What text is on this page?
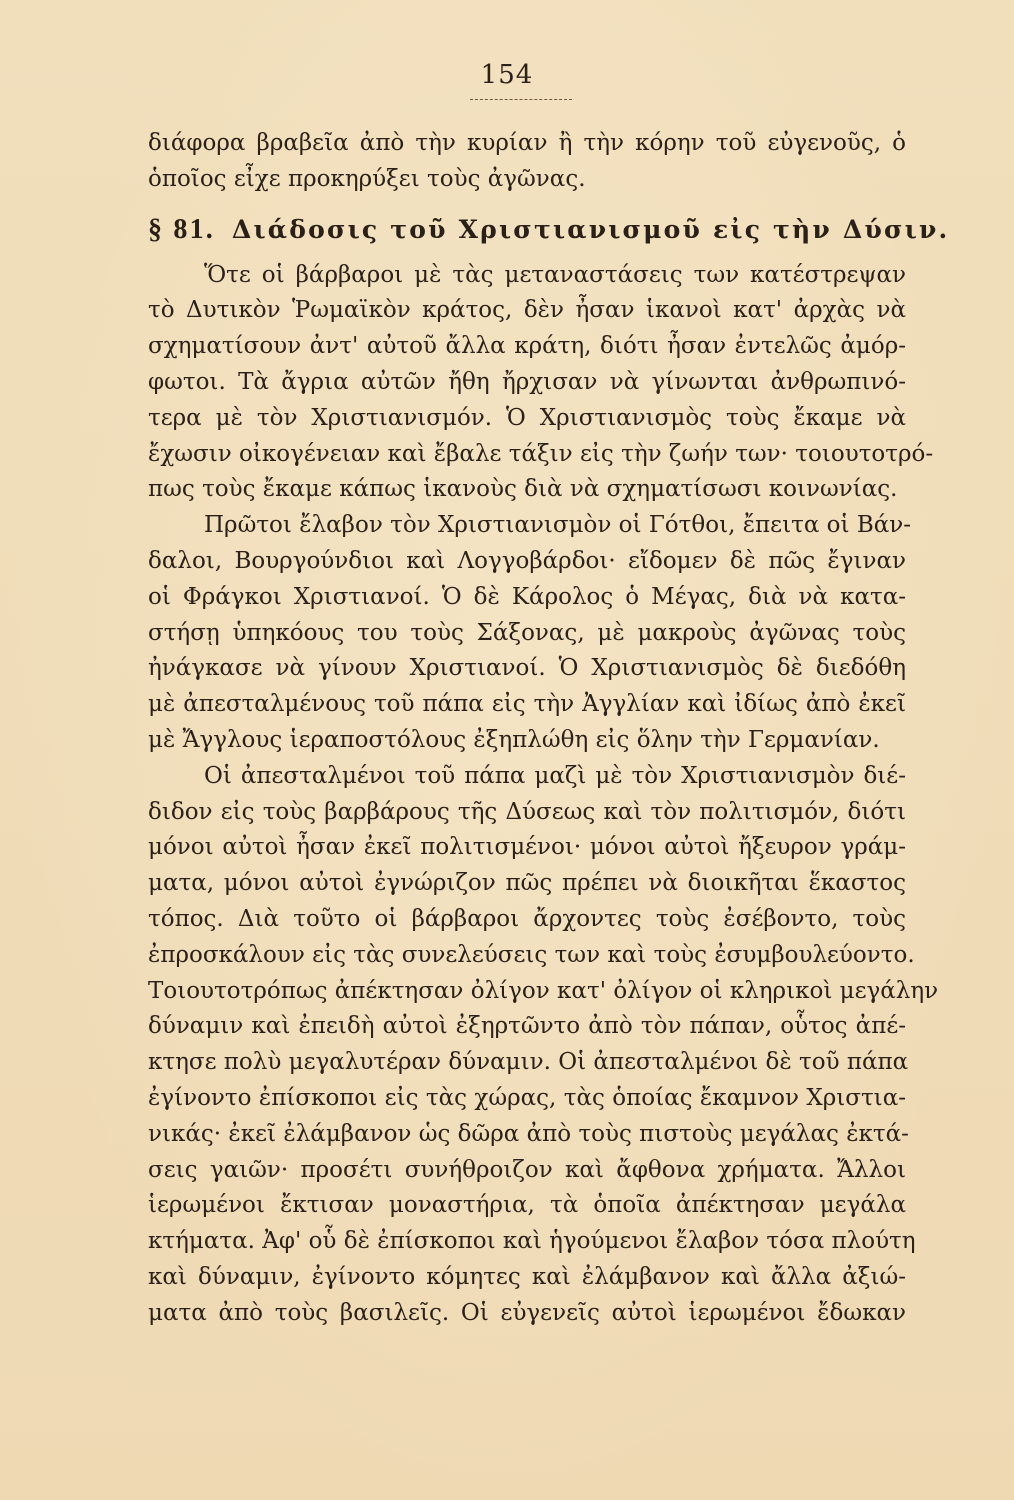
154
διάφορα βραβεῖα ἀπὸ τὴν κυρίαν ἢ τὴν κόρην τοῦ εὐγενοῦς, ὁ
ὁποῖος εἶχε προκηρύξει τοὺς ἀγῶνας.
§ 81. Διάδοσις τοῦ Χριστιανισμοῦ εἰς τὴν Δύσιν.
Ὅτε οἱ βάρβαροι μὲ τὰς μεταναστάσεις των κατέστρεψαν
τὸ Δυτικὸν Ῥωμαϊκὸν κράτος, δὲν ἦσαν ἱκανοὶ κατ' ἀρχὰς νὰ
σχηματίσουν ἀντ' αὐτοῦ ἄλλα κράτη, διότι ἦσαν ἐντελῶς ἀμόρ-
φωτοι. Τὰ ἄγρια αὐτῶν ἤθη ἤρχισαν νὰ γίνωνται ἀνθρωπινό-
τερα μὲ τὸν Χριστιανισμόν. Ὁ Χριστιανισμὸς τοὺς ἔκαμε νὰ
ἔχωσιν οἰκογένειαν καὶ ἔβαλε τάξιν εἰς τὴν ζωήν των· τοιουτοτρό-
πως τοὺς ἔκαμε κάπως ἱκανοὺς διὰ νὰ σχηματίσωσι κοινωνίας.
Πρῶτοι ἔλαβον τὸν Χριστιανισμὸν οἱ Γότθοι, ἔπειτα οἱ Βάν-
δαλοι, Βουργούνδιοι καὶ Λογγοβάρδοι· εἴδομεν δὲ πῶς ἔγιναν
οἱ Φράγκοι Χριστιανοί. Ὁ δὲ Κάρολος ὁ Μέγας, διὰ νὰ κατα-
στήσῃ ὑπηκόους του τοὺς Σάξονας, μὲ μακροὺς ἀγῶνας τοὺς
ἠνάγκασε νὰ γίνουν Χριστιανοί. Ὁ Χριστιανισμὸς δὲ διεδόθη
μὲ ἀπεσταλμένους τοῦ πάπα εἰς τὴν Ἀγγλίαν καὶ ἰδίως ἀπὸ ἐκεῖ
μὲ Ἄγγλους ἱεραποστόλους ἐξηπλώθη εἰς ὅλην τὴν Γερμανίαν.
Οἱ ἀπεσταλμένοι τοῦ πάπα μαζὶ μὲ τὸν Χριστιανισμὸν διέ-
διδον εἰς τοὺς βαρβάρους τῆς Δύσεως καὶ τὸν πολιτισμόν, διότι
μόνοι αὐτοὶ ἦσαν ἐκεῖ πολιτισμένοι· μόνοι αὐτοὶ ἤξευρον γράμ-
ματα, μόνοι αὐτοὶ ἐγνώριζον πῶς πρέπει νὰ διοικῆται ἕκαστος
τόπος. Διὰ τοῦτο οἱ βάρβαροι ἄρχοντες τοὺς ἐσέβοντο, τοὺς
ἐπροσκάλουν εἰς τὰς συνελεύσεις των καὶ τοὺς ἐσυμβουλεύοντο.
Τοιουτοτρόπως ἀπέκτησαν ὀλίγον κατ' ὀλίγον οἱ κληρικοὶ μεγάλην
δύναμιν καὶ ἐπειδὴ αὐτοὶ ἐξηρτῶντο ἀπὸ τὸν πάπαν, οὗτος ἀπέ-
κτησε πολὺ μεγαλυτέραν δύναμιν. Οἱ ἀπεσταλμένοι δὲ τοῦ πάπα
ἐγίνοντο ἐπίσκοποι εἰς τὰς χώρας, τὰς ὁποίας ἔκαμνον Χριστια-
νικάς· ἐκεῖ ἐλάμβανον ὡς δῶρα ἀπὸ τοὺς πιστοὺς μεγάλας ἐκτά-
σεις γαιῶν· προσέτι συνήθροιζον καὶ ἄφθονα χρήματα. Ἄλλοι
ἱερωμένοι ἔκτισαν μοναστήρια, τὰ ὁποῖα ἀπέκτησαν μεγάλα
κτήματα. Ἀφ' οὗ δὲ ἐπίσκοποι καὶ ἡγούμενοι ἔλαβον τόσα πλούτη
καὶ δύναμιν, ἐγίνοντο κόμητες καὶ ἐλάμβανον καὶ ἄλλα ἀξιώ-
ματα ἀπὸ τοὺς βασιλεῖς. Οἱ εὐγενεῖς αὐτοὶ ἱερωμένοι ἔδωκαν
